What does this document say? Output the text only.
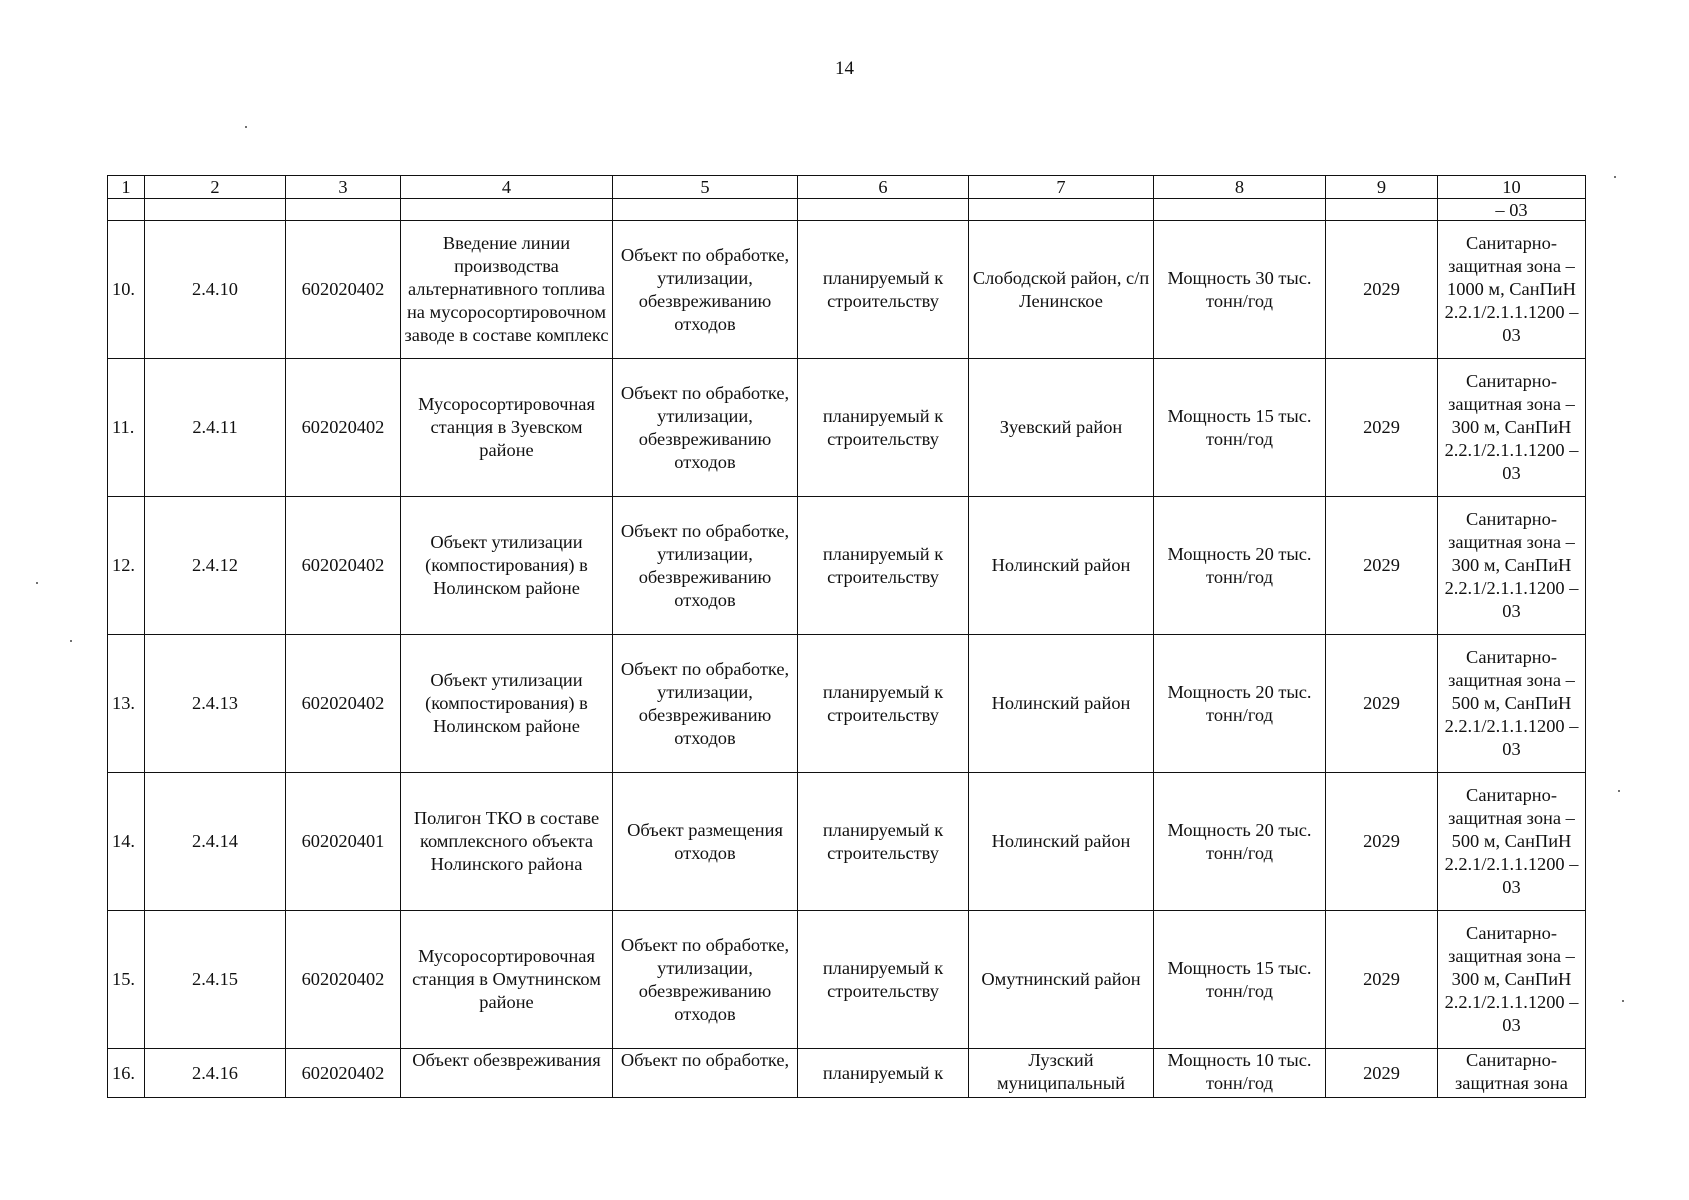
14
1	2	3	4	5	6	7	8	9	10
									– 03
10.	2.4.10	602020402	Введение линии производства альтернативного топлива на мусоросортировочном заводе в составе комплекс	Объект по обработке, утилизации, обезвреживанию отходов	планируемый к строительству	Слободской район, с/п Ленинское	Мощность 30 тыс. тонн/год	2029	Санитарно-защитная зона – 1000 м, СанПиН 2.2.1/2.1.1.1200 – 03
11.	2.4.11	602020402	Мусоросортировочная станция в Зуевском районе	Объект по обработке, утилизации, обезвреживанию отходов	планируемый к строительству	Зуевский район	Мощность 15 тыс. тонн/год	2029	Санитарно-защитная зона – 300 м, СанПиН 2.2.1/2.1.1.1200 – 03
12.	2.4.12	602020402	Объект утилизации (компостирования) в Нолинском районе	Объект по обработке, утилизации, обезвреживанию отходов	планируемый к строительству	Нолинский район	Мощность 20 тыс. тонн/год	2029	Санитарно-защитная зона – 300 м, СанПиН 2.2.1/2.1.1.1200 – 03
13.	2.4.13	602020402	Объект утилизации (компостирования) в Нолинском районе	Объект по обработке, утилизации, обезвреживанию отходов	планируемый к строительству	Нолинский район	Мощность 20 тыс. тонн/год	2029	Санитарно-защитная зона – 500 м, СанПиН 2.2.1/2.1.1.1200 – 03
14.	2.4.14	602020401	Полигон ТКО в составе комплексного объекта Нолинского района	Объект размещения отходов	планируемый к строительству	Нолинский район	Мощность 20 тыс. тонн/год	2029	Санитарно-защитная зона – 500 м, СанПиН 2.2.1/2.1.1.1200 – 03
15.	2.4.15	602020402	Мусоросортировочная станция в Омутнинском районе	Объект по обработке, утилизации, обезвреживанию отходов	планируемый к строительству	Омутнинский район	Мощность 15 тыс. тонн/год	2029	Санитарно-защитная зона –300 м, СанПиН 2.2.1/2.1.1.1200 – 03
16.	2.4.16	602020402	Объект обезвреживания	Объект по обработке,	планируемый к	Лузский муниципальный	Мощность 10 тыс. тонн/год	2029	Санитарно-защитная зона
